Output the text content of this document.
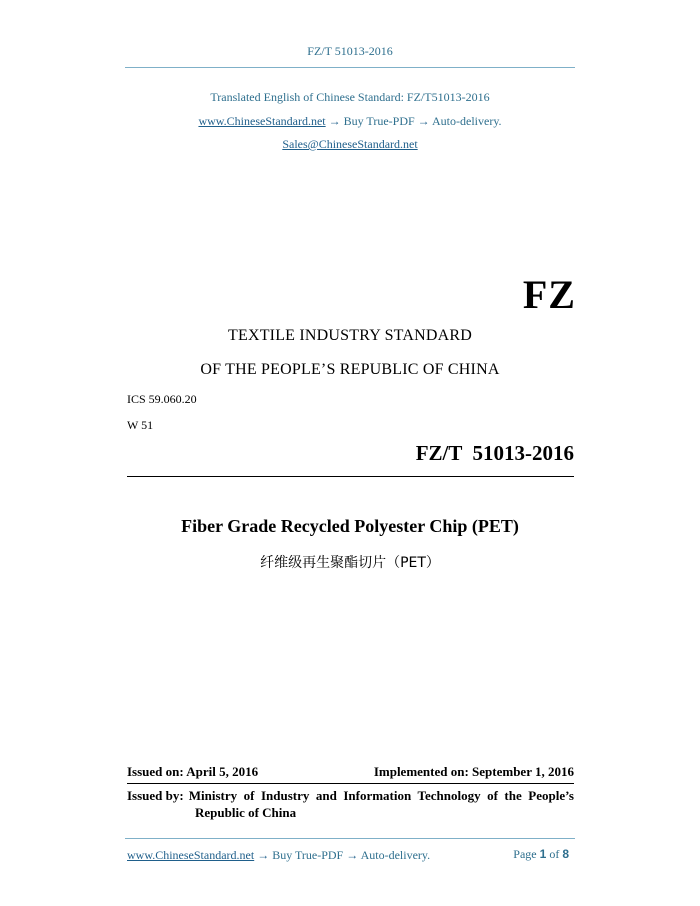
FZ/T 51013-2016
Translated English of Chinese Standard: FZ/T51013-2016
www.ChineseStandard.net → Buy True-PDF → Auto-delivery.
Sales@ChineseStandard.net
FZ
TEXTILE INDUSTRY STANDARD
OF THE PEOPLE’S REPUBLIC OF CHINA
ICS 59.060.20
W 51
FZ/T  51013-2016
Fiber Grade Recycled Polyester Chip (PET)
纤维级再生聚酯切片（PET）
Issued on: April 5, 2016	Implemented on: September 1, 2016
Issued by: Ministry of Industry and Information Technology of the People’s
Republic of China
www.ChineseStandard.net → Buy True-PDF → Auto-delivery.	Page 1 of 8
